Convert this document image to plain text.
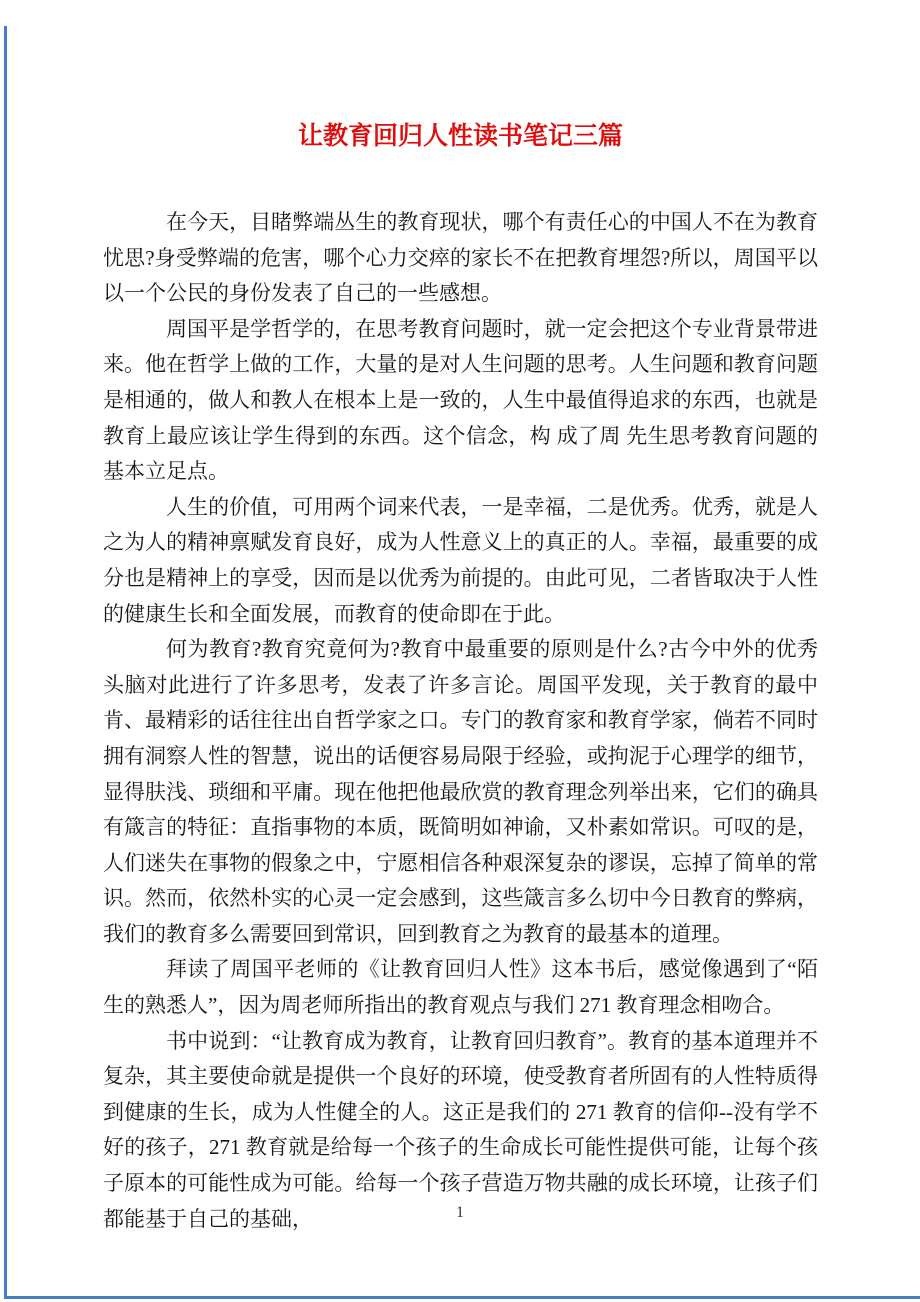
让教育回归人性读书笔记三篇

在今天，目睹弊端丛生的教育现状，哪个有责任心的中国人不在为教育忧思?身受弊端的危害，哪个心力交瘁的家长不在把教育埋怨?所以，周国平以以一个公民的身份发表了自己的一些感想。

周国平是学哲学的，在思考教育问题时，就一定会把这个专业背景带进来。他在哲学上做的工作，大量的是对人生问题的思考。人生问题和教育问题是相通的，做人和教人在根本上是一致的，人生中最值得追求的东西，也就是教育上最应该让学生得到的东西。这个信念，构 成了周 先生思考教育问题的基本立足点。

人生的价值，可用两个词来代表，一是幸福，二是优秀。优秀，就是人之为人的精神禀赋发育良好，成为人性意义上的真正的人。幸福，最重要的成分也是精神上的享受，因而是以优秀为前提的。由此可见，二者皆取决于人性的健康生长和全面发展，而教育的使命即在于此。

何为教育?教育究竟何为?教育中最重要的原则是什么?古今中外的优秀头脑对此进行了许多思考，发表了许多言论。周国平发现，关于教育的最中肯、最精彩的话往往出自哲学家之口。专门的教育家和教育学家，倘若不同时拥有洞察人性的智慧，说出的话便容易局限于经验，或拘泥于心理学的细节，显得肤浅、琐细和平庸。现在他把他最欣赏的教育理念列举出来，它们的确具有箴言的特征：直指事物的本质，既简明如神谕，又朴素如常识。可叹的是，人们迷失在事物的假象之中，宁愿相信各种艰深复杂的谬误，忘掉了简单的常识。然而，依然朴实的心灵一定会感到，这些箴言多么切中今日教育的弊病，我们的教育多么需要回到常识，回到教育之为教育的最基本的道理。

拜读了周国平老师的《让教育回归人性》这本书后，感觉像遇到了“陌生的熟悉人”，因为周老师所指出的教育观点与我们 271 教育理念相吻合。

书中说到：“让教育成为教育，让教育回归教育”。教育的基本道理并不复杂，其主要使命就是提供一个良好的环境，使受教育者所固有的人性特质得到健康的生长，成为人性健全的人。这正是我们的 271 教育的信仰--没有学不好的孩子，271 教育就是给每一个孩子的生命成长可能性提供可能，让每个孩子原本的可能性成为可能。给每一个孩子营造万物共融的成长环境，让孩子们都能基于自己的基础，	1
